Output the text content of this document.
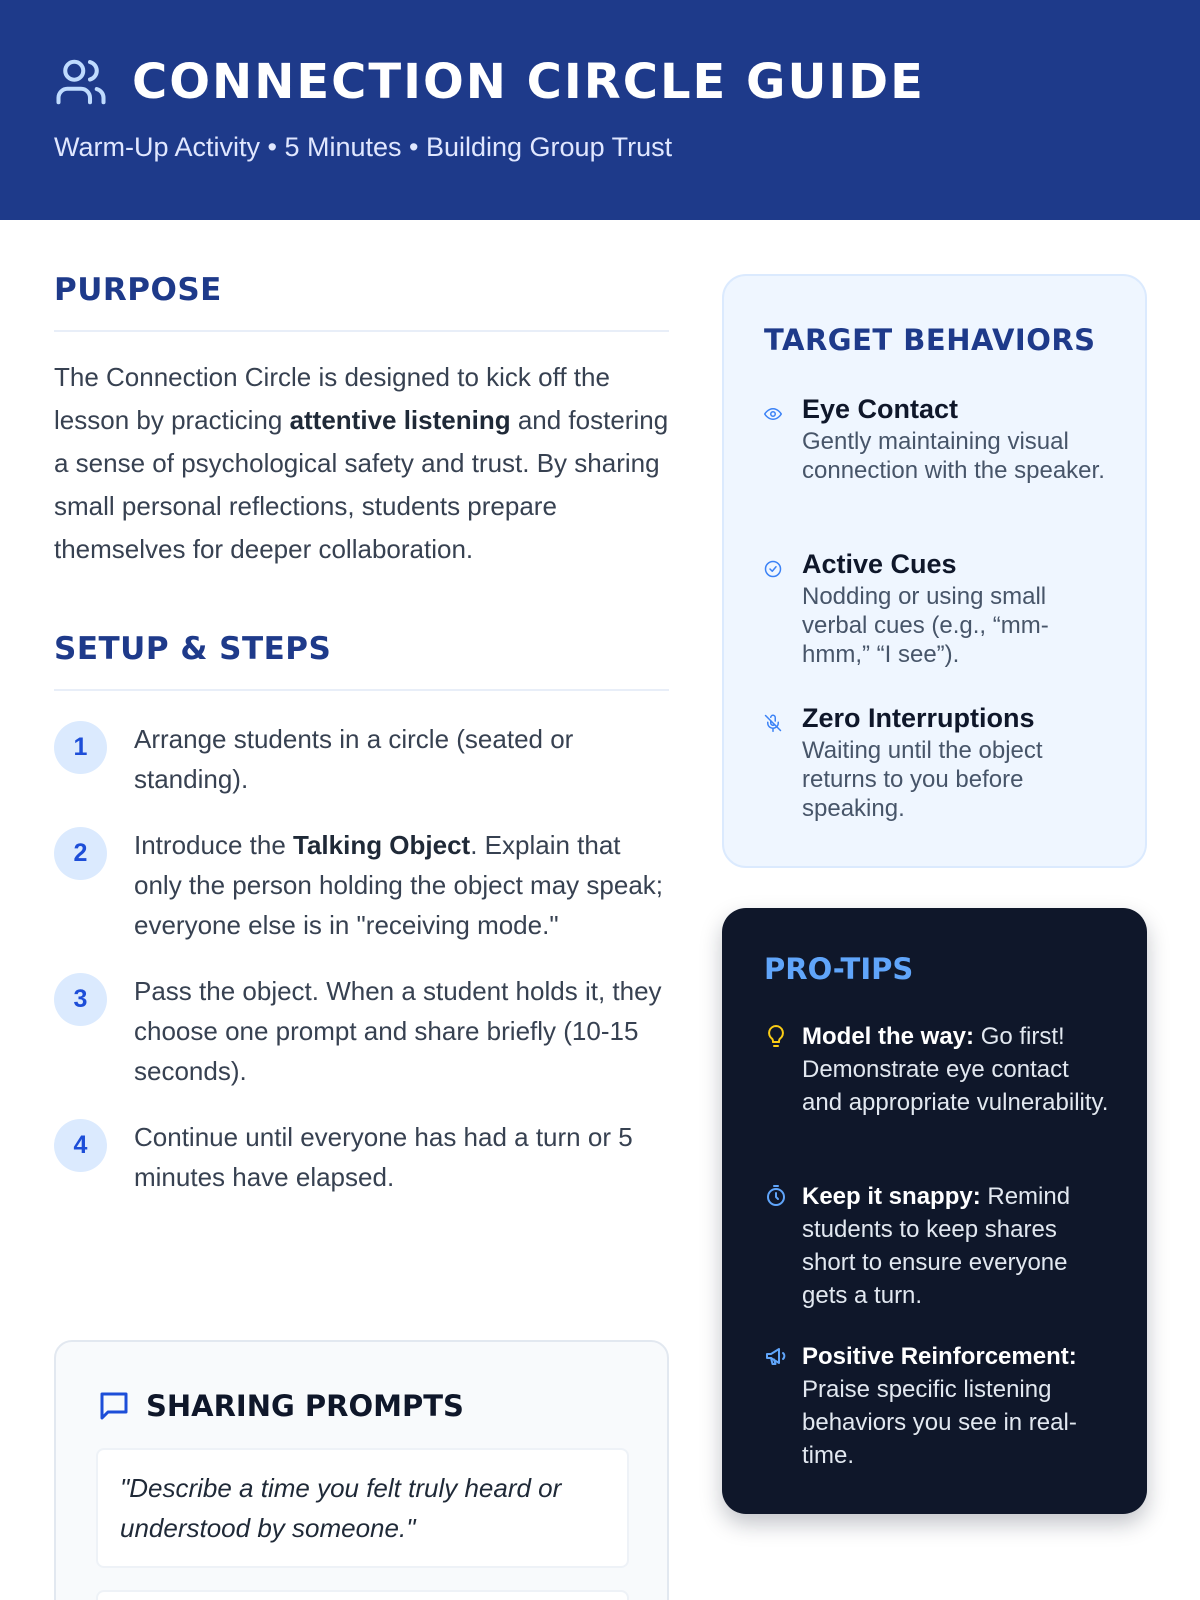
CONNECTION CIRCLE GUIDE
Warm-Up Activity • 5 Minutes • Building Group Trust
PURPOSE

The Connection Circle is designed to kick off the lesson by practicing attentive listening and fostering a sense of psychological safety and trust. By sharing small personal reflections, students prepare themselves for deeper collaboration.

SETUP & STEPS
1	Arrange students in a circle (seated or standing).
2	Introduce the Talking Object. Explain that only the person holding the object may speak; everyone else is in "receiving mode."
3	Pass the object. When a student holds it, they choose one prompt and share briefly (10-15 seconds).
4	Continue until everyone has had a turn or 5 minutes have elapsed.
SHARING PROMPTS
"Describe a time you felt truly heard or understood by someone."
TARGET BEHAVIORS
Eye Contact
Gently maintaining visual connection with the speaker.
Active Cues
Nodding or using small verbal cues (e.g., “mm-hmm,” “I see”).
Zero Interruptions
Waiting until the object returns to you before speaking.
PRO-TIPS
Model the way: Go first! Demonstrate eye contact and appropriate vulnerability.
Keep it snappy: Remind students to keep shares short to ensure everyone gets a turn.
Positive Reinforcement: Praise specific listening behaviors you see in real-time.
